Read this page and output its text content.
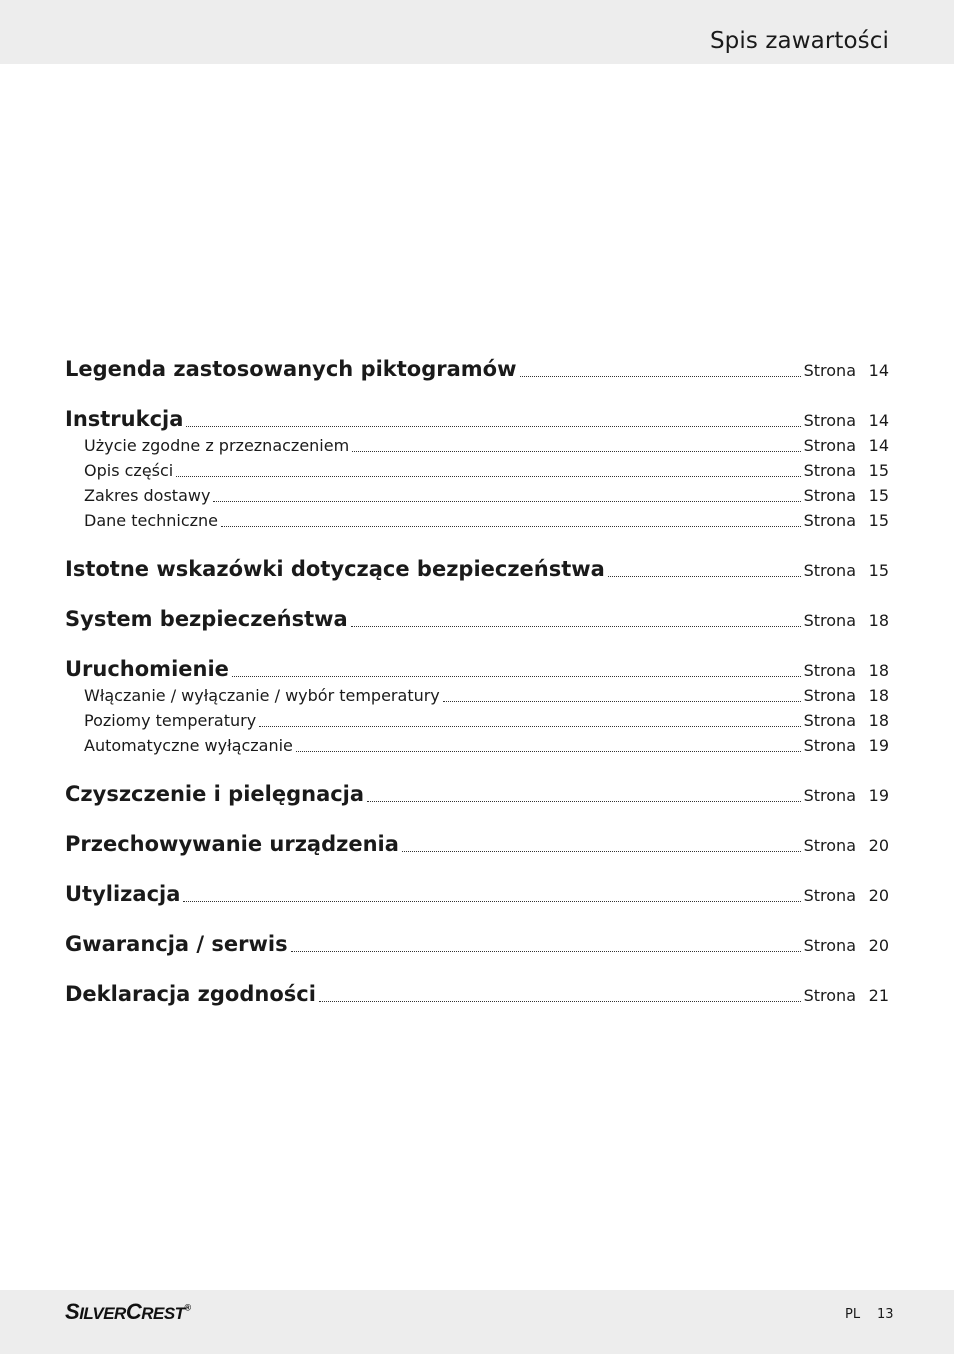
Spis zawartości
Legenda zastosowanych piktogramów	Strona 14
Instrukcja	Strona 14
Użycie zgodne z przeznaczeniem	Strona 14
Opis części	Strona 15
Zakres dostawy	Strona 15
Dane techniczne	Strona 15
Istotne wskazówki dotyczące bezpieczeństwa	Strona 15
System bezpieczeństwa	Strona 18
Uruchomienie	Strona 18
Włączanie / wyłączanie / wybór temperatury	Strona 18
Poziomy temperatury	Strona 18
Automatyczne wyłączanie	Strona 19
Czyszczenie i pielęgnacja	Strona 19
Przechowywanie urządzenia	Strona 20
Utylizacja	Strona 20
Gwarancja / serwis	Strona 20
Deklaracja zgodności	Strona 21
SILVERCREST®	PL 13
